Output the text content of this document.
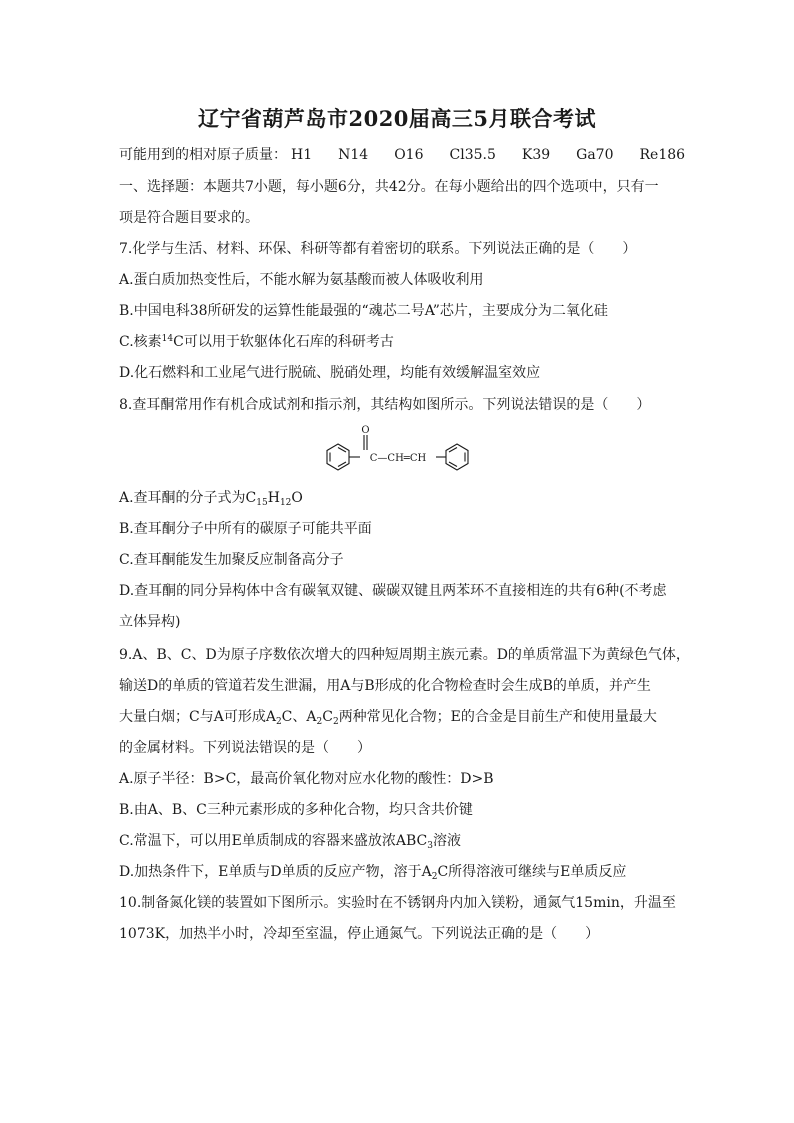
辽宁省葫芦岛市2020届高三5月联合考试
可能用到的相对原子质量： H1 N14 O16 Cl35.5 K39 Ga70 Re186
一、选择题：本题共7小题，每小题6分，共42分。在每小题给出的四个选项中，只有一
项是符合题目要求的。
7.化学与生活、材料、环保、科研等都有着密切的联系。下列说法正确的是（　　）
A.蛋白质加热变性后，不能水解为氨基酸而被人体吸收利用
B.中国电科38所研发的运算性能最强的“魂芯二号A”芯片，主要成分为二氧化硅
C.核素$^{14}$C可以用于软躯体化石库的科研考古
D.化石燃料和工业尾气进行脱硫、脱硝处理，均能有效缓解温室效应
8.查耳酮常用作有机合成试剂和指示剂，其结构如图所示。下列说法错误的是（　　）
O
C—CH═CH
A.查耳酮的分子式为$C_{15}H_{12}O$
B.查耳酮分子中所有的碳原子可能共平面
C.查耳酮能发生加聚反应制备高分子
D.查耳酮的同分异构体中含有碳氧双键、碳碳双键且两苯环不直接相连的共有6种(不考虑
立体异构)
9.A、B、C、D为原子序数依次增大的四种短周期主族元素。D的单质常温下为黄绿色气体，
输送D的单质的管道若发生泄漏，用A与B形成的化合物检查时会生成B的单质，并产生
大量白烟；C与A可形成$A_2C$、$A_2C_2$两种常见化合物；E的合金是目前生产和使用量最大
的金属材料。下列说法错误的是（　　）
A.原子半径：B>C，最高价氧化物对应水化物的酸性：D>B
B.由A、B、C三种元素形成的多种化合物，均只含共价键
C.常温下，可以用E单质制成的容器来盛放浓$ABC_3$溶液
D.加热条件下，E单质与D单质的反应产物，溶于$A_2C$所得溶液可继续与E单质反应
10.制备氮化镁的装置如下图所示。实验时在不锈钢舟内加入镁粉，通氮气15min，升温至
1073K，加热半小时，冷却至室温，停止通氮气。下列说法正确的是（　　）
